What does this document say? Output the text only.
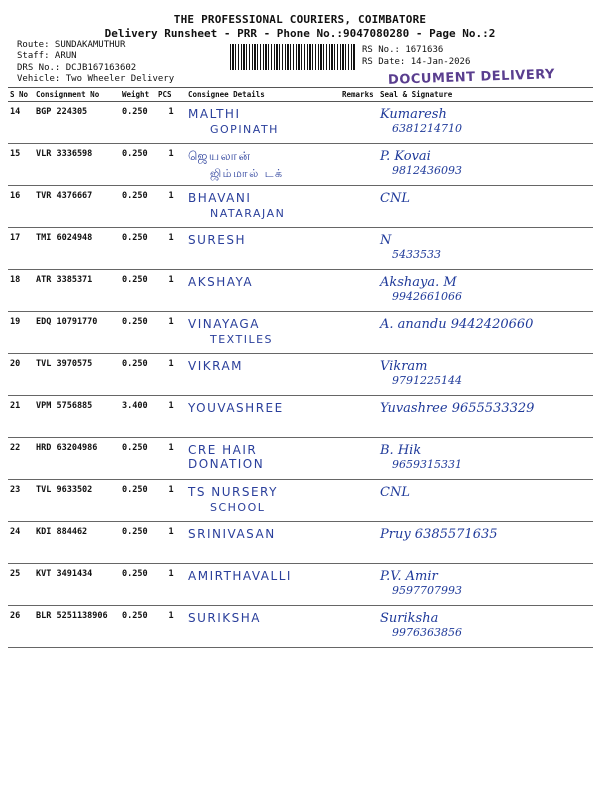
THE PROFESSIONAL COURIERS, COIMBATORE
Delivery Runsheet - PRR - Phone No.:9047080280 - Page No.:2
Route: SUNDAKAMUTHUR
Staff: ARUN
DRS No.: DCJB167163602
Vehicle: Two Wheeler Delivery
RS No.: 1671636
RS Date: 14-Jan-2026
DOCUMENT DELIVERY
S No	Consignment No	Weight	PCS	Consignee Details	Remarks	Seal & Signature
14	BGP 224305	0.250	1	MALTHI
GOPINATH		Kumaresh
6381214710

15	VLR 3336598	0.250	1	ஜெயலான்
ஜிம்மால் டக்		P. Kovai
9812436093

16	TVR 4376667	0.250	1	BHAVANI
NATARAJAN		CNL

17	TMI 6024948	0.250	1	SURESH		N
5433533

18	ATR 3385371	0.250	1	AKSHAYA		Akshaya. M
9942661066

19	EDQ 10791770	0.250	1	VINAYAGA
TEXTILES		A. anandu 9442420660

20	TVL 3970575	0.250	1	VIKRAM		Vikram
9791225144

21	VPM 5756885	3.400	1	YOUVASHREE		Yuvashree 9655533329

22	HRD 63204986	0.250	1	CRE HAIR DONATION		B. Hik
9659315331

23	TVL 9633502	0.250	1	TS NURSERY
SCHOOL		CNL

24	KDI 884462	0.250	1	SRINIVASAN		Pruy 6385571635

25	KVT 3491434	0.250	1	AMIRTHAVALLI		P.V. Amir
9597707993

26	BLR 5251138906	0.250	1	SURIKSHA		Suriksha
9976363856
